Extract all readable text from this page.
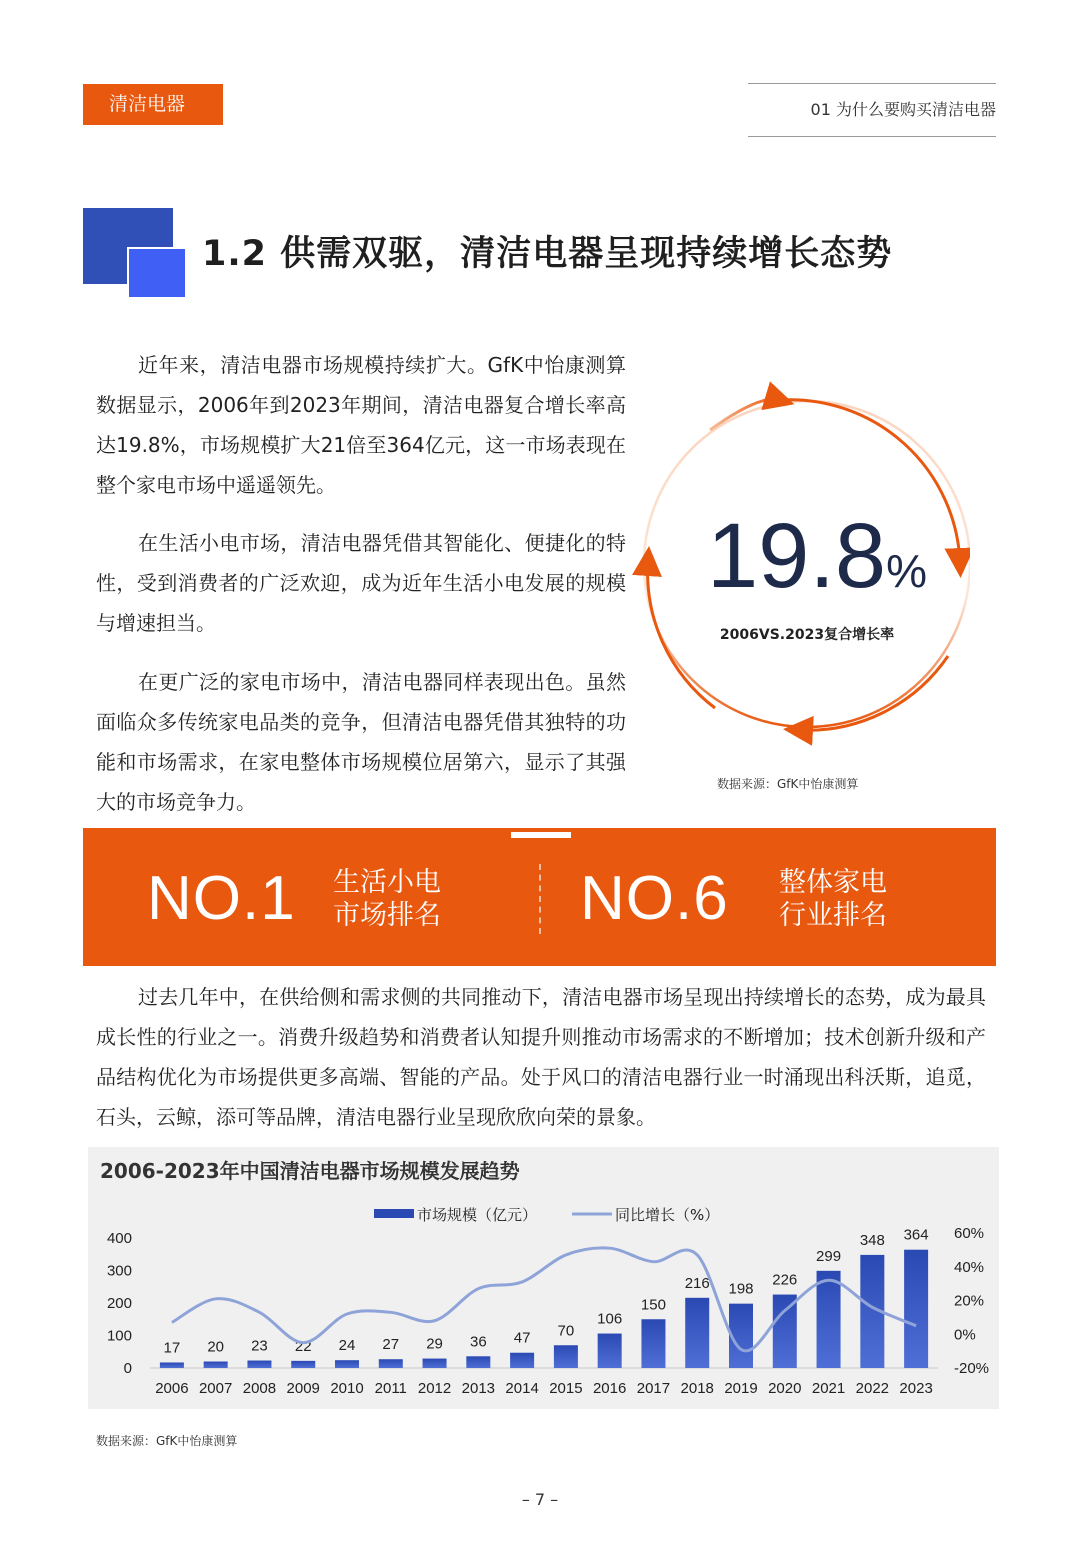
清洁电器	01 为什么要购买清洁电器
1.2 供需双驱，清洁电器呈现持续增长态势

近年来，清洁电器市场规模持续扩大。GfK中怡康测算数据显示，2006年到2023年期间，清洁电器复合增长率高达19.8%，市场规模扩大21倍至364亿元，这一市场表现在整个家电市场中遥遥领先。

在生活小电市场，清洁电器凭借其智能化、便捷化的特性，受到消费者的广泛欢迎，成为近年生活小电发展的规模与增速担当。

在更广泛的家电市场中，清洁电器同样表现出色。虽然面临众多传统家电品类的竞争，但清洁电器凭借其独特的功能和市场需求，在家电整体市场规模位居第六，显示了其强大的市场竞争力。

19.8%
2006VS.2023复合增长率
数据来源：GfK中怡康测算
NO.1 生活小电
市场排名 NO.6 整体家电
行业排名

过去几年中，在供给侧和需求侧的共同推动下，清洁电器市场呈现出持续增长的态势，成为最具成长性的行业之一。消费升级趋势和消费者认知提升则推动市场需求的不断增加；技术创新升级和产品结构优化为市场提供更多高端、智能的产品。处于风口的清洁电器行业一时涌现出科沃斯，追觅，石头，云鲸，添可等品牌，清洁电器行业呈现欣欣向荣的景象。

2006-2023年中国清洁电器市场规模发展趋势
0
100
200
300
400
-20%
0%
20%
40%
60%
17
2006
20
2007
23
2008
22
2009
24
2010
27
2011
29
2012
36
2013
47
2014
70
2015
106
2016
150
2017
216
2018
198
2019
226
2020
299
2021
348
2022
364
2023
市场规模（亿元）	同比增长（%）
数据来源：GfK中怡康测算
– 7 –
